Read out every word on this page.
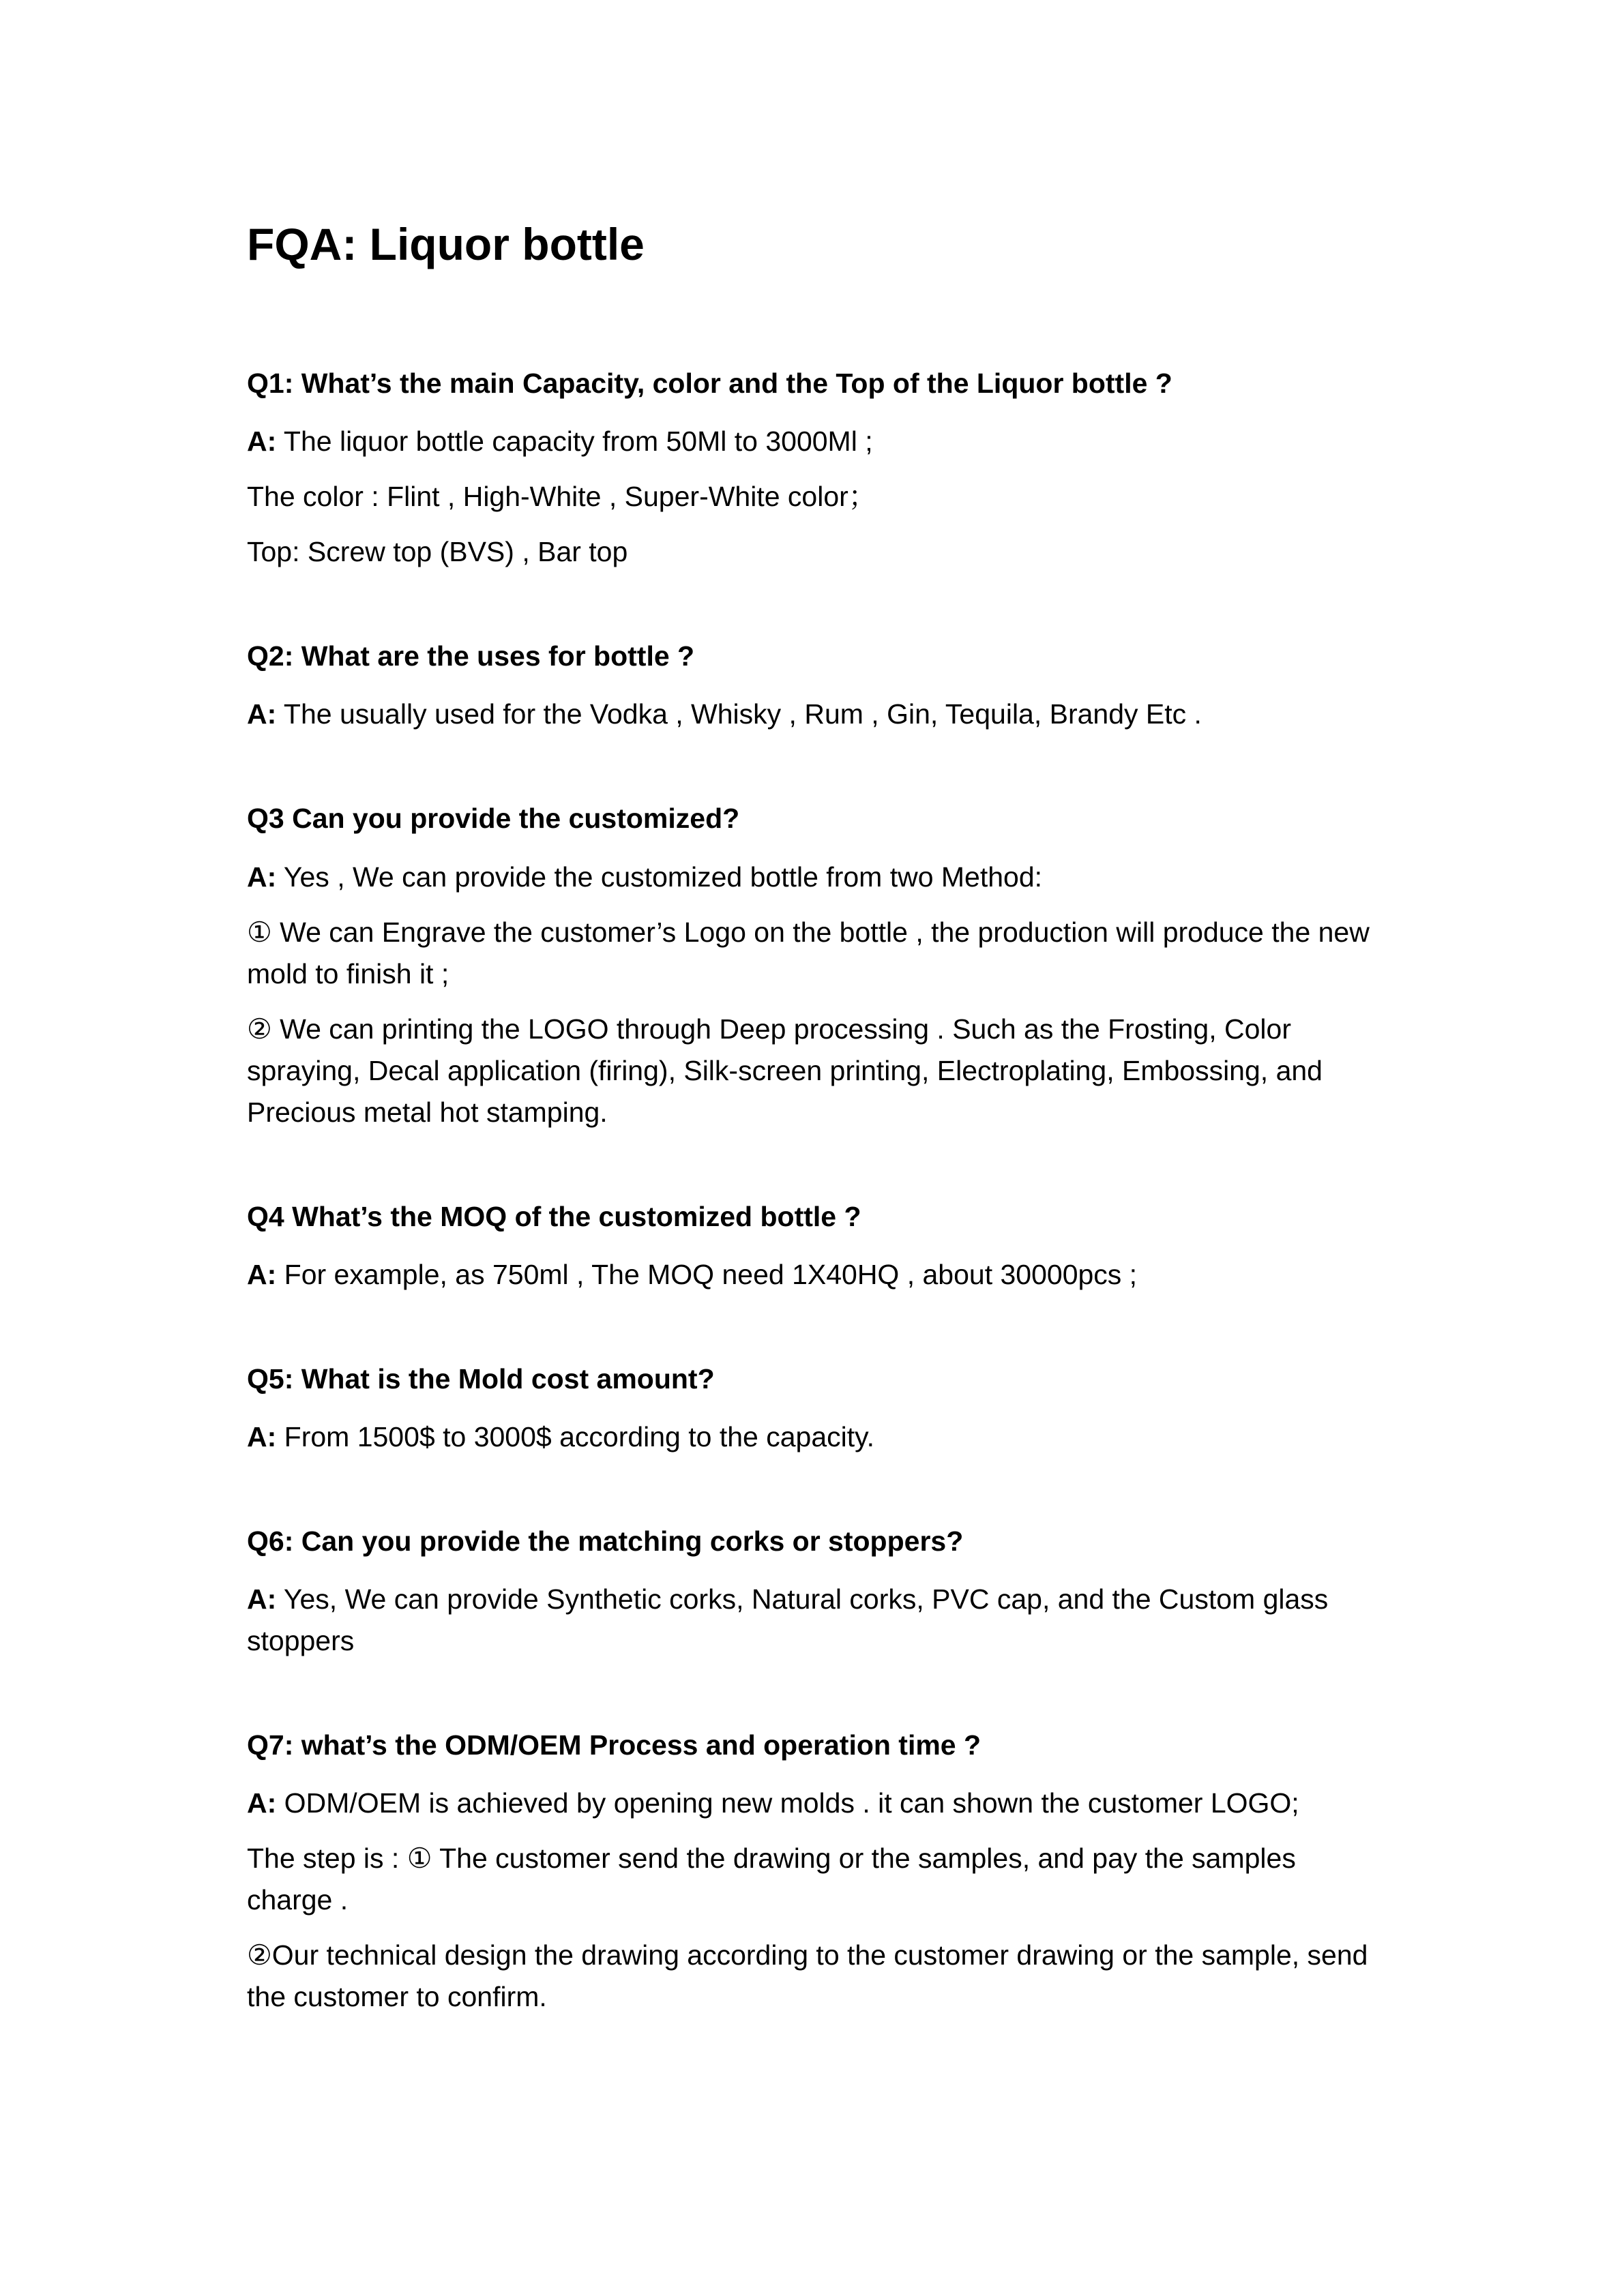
FQA: Liquor bottle

Q1: What’s the main Capacity, color and the Top of the Liquor bottle ?

A: The liquor bottle capacity from 50Ml to 3000Ml ;

The color : Flint , High-White , Super-White color；

Top: Screw top (BVS) , Bar top

Q2: What are the uses for bottle ?

A: The usually used for the Vodka , Whisky , Rum , Gin, Tequila, Brandy Etc .

Q3 Can you provide the customized?

A: Yes , We can provide the customized bottle from two Method:

① We can Engrave the customer’s Logo on the bottle , the production will produce the new mold to finish it ;

② We can printing the LOGO through Deep processing . Such as the Frosting, Color spraying, Decal application (firing), Silk-screen printing, Electroplating, Embossing, and Precious metal hot stamping.

Q4 What’s the MOQ of the customized bottle ?

A: For example, as 750ml , The MOQ need 1X40HQ , about 30000pcs ;

Q5: What is the Mold cost amount?

A: From 1500$ to 3000$ according to the capacity.

Q6: Can you provide the matching corks or stoppers?

A: Yes, We can provide Synthetic corks, Natural corks, PVC cap, and the Custom glass stoppers

Q7: what’s the ODM/OEM Process and operation time ?

A: ODM/OEM is achieved by opening new molds . it can shown the customer LOGO;

The step is : ① The customer send the drawing or the samples, and pay the samples charge .

②Our technical design the drawing according to the customer drawing or the sample, send the customer to confirm.
